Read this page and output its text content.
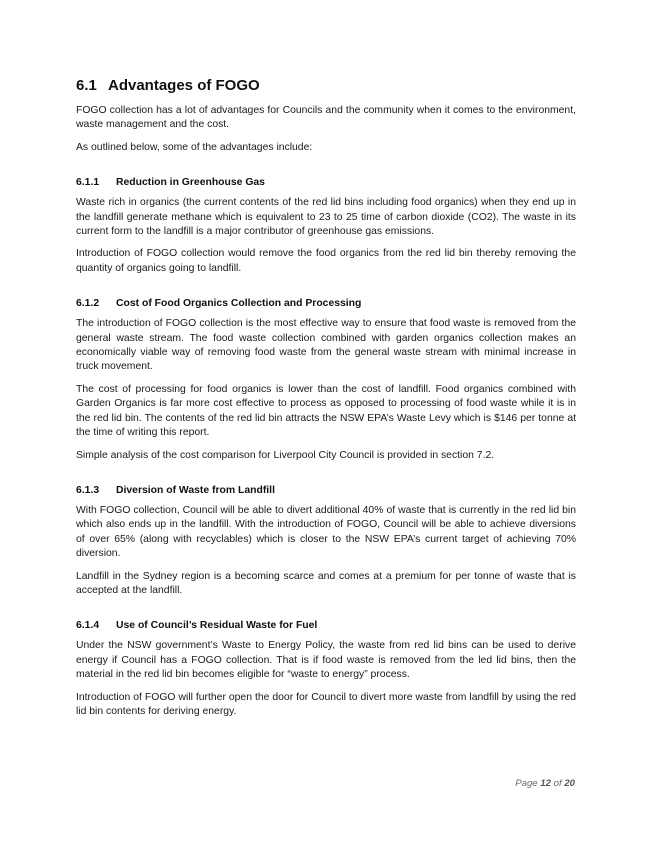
6.1 Advantages of FOGO

FOGO collection has a lot of advantages for Councils and the community when it comes to the environment, waste management and the cost.

As outlined below, some of the advantages include:

6.1.1	Reduction in Greenhouse Gas

Waste rich in organics (the current contents of the red lid bins including food organics) when they end up in the landfill generate methane which is equivalent to 23 to 25 time of carbon dioxide (CO2). The waste in its current form to the landfill is a major contributor of greenhouse gas emissions.

Introduction of FOGO collection would remove the food organics from the red lid bin thereby removing the quantity of organics going to landfill.

6.1.2	Cost of Food Organics Collection and Processing

The introduction of FOGO collection is the most effective way to ensure that food waste is removed from the general waste stream. The food waste collection combined with garden organics collection makes an economically viable way of removing food waste from the general waste stream with minimal increase in truck movement.

The cost of processing for food organics is lower than the cost of landfill. Food organics combined with Garden Organics is far more cost effective to process as opposed to processing of food waste while it is in the red lid bin. The contents of the red lid bin attracts the NSW EPA’s Waste Levy which is $146 per tonne at the time of writing this report.

Simple analysis of the cost comparison for Liverpool City Council is provided in section 7.2.

6.1.3	Diversion of Waste from Landfill

With FOGO collection, Council will be able to divert additional 40% of waste that is currently in the red lid bin which also ends up in the landfill. With the introduction of FOGO, Council will be able to achieve diversions of over 65% (along with recyclables) which is closer to the NSW EPA’s current target of achieving 70% diversion.

Landfill in the Sydney region is a becoming scarce and comes at a premium for per tonne of waste that is accepted at the landfill.

6.1.4	Use of Council’s Residual Waste for Fuel

Under the NSW government’s Waste to Energy Policy, the waste from red lid bins can be used to derive energy if Council has a FOGO collection. That is if food waste is removed from the led lid bins, then the material in the red lid bin becomes eligible for “waste to energy” process.

Introduction of FOGO will further open the door for Council to divert more waste from landfill by using the red lid bin contents for deriving energy.

Page 12 of 20
